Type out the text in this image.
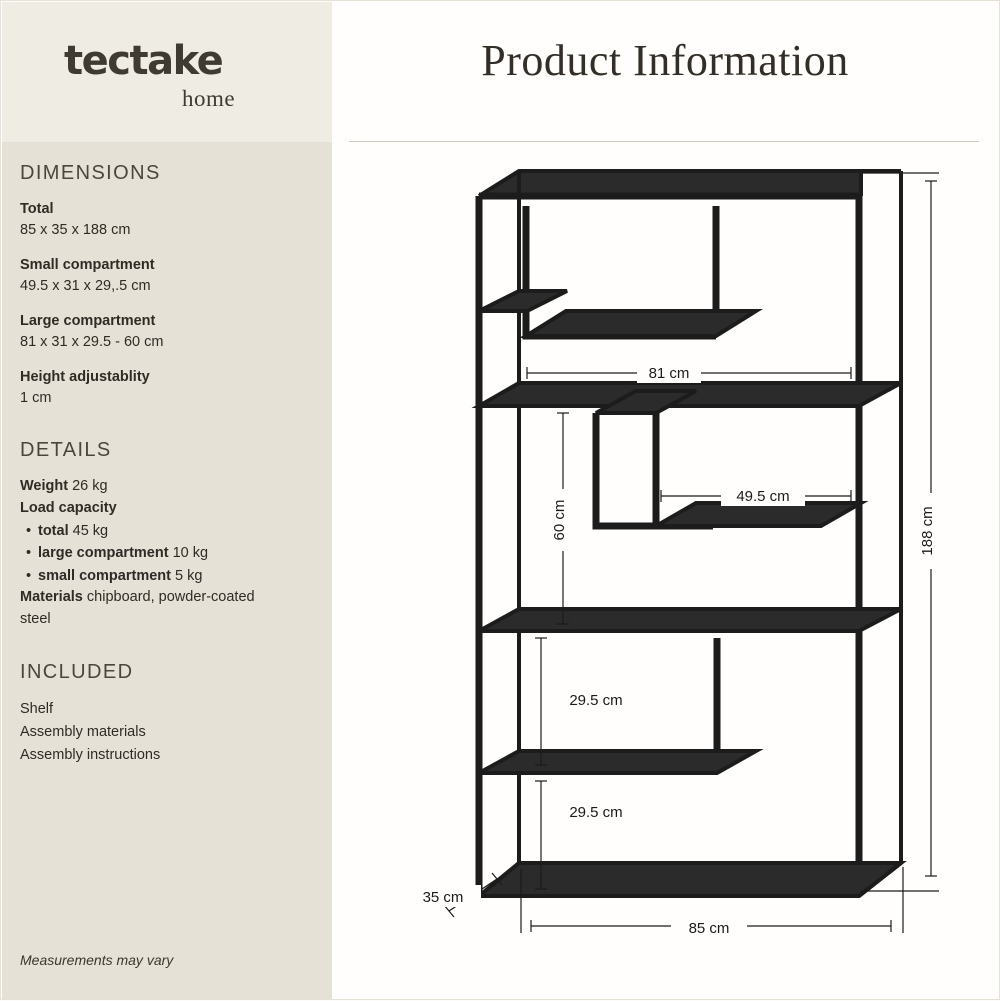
tectake
home
DIMENSIONS
Total
85 x 35 x 188 cm
Small compartment
49.5 x 31 x 29,.5 cm
Large compartment
81 x 31 x 29.5 - 60 cm
Height adjustablity
1 cm
DETAILS
Weight 26 kg
Load capacity
• total 45 kg
• large compartment 10 kg
• small compartment 5 kg
Materials chipboard, powder-coated steel
INCLUDED
Shelf
Assembly materials
Assembly instructions
Measurements may vary
Product Information
81 cm
49.5 cm
60 cm
29.5 cm
29.5 cm
188 cm
85 cm
35 cm
